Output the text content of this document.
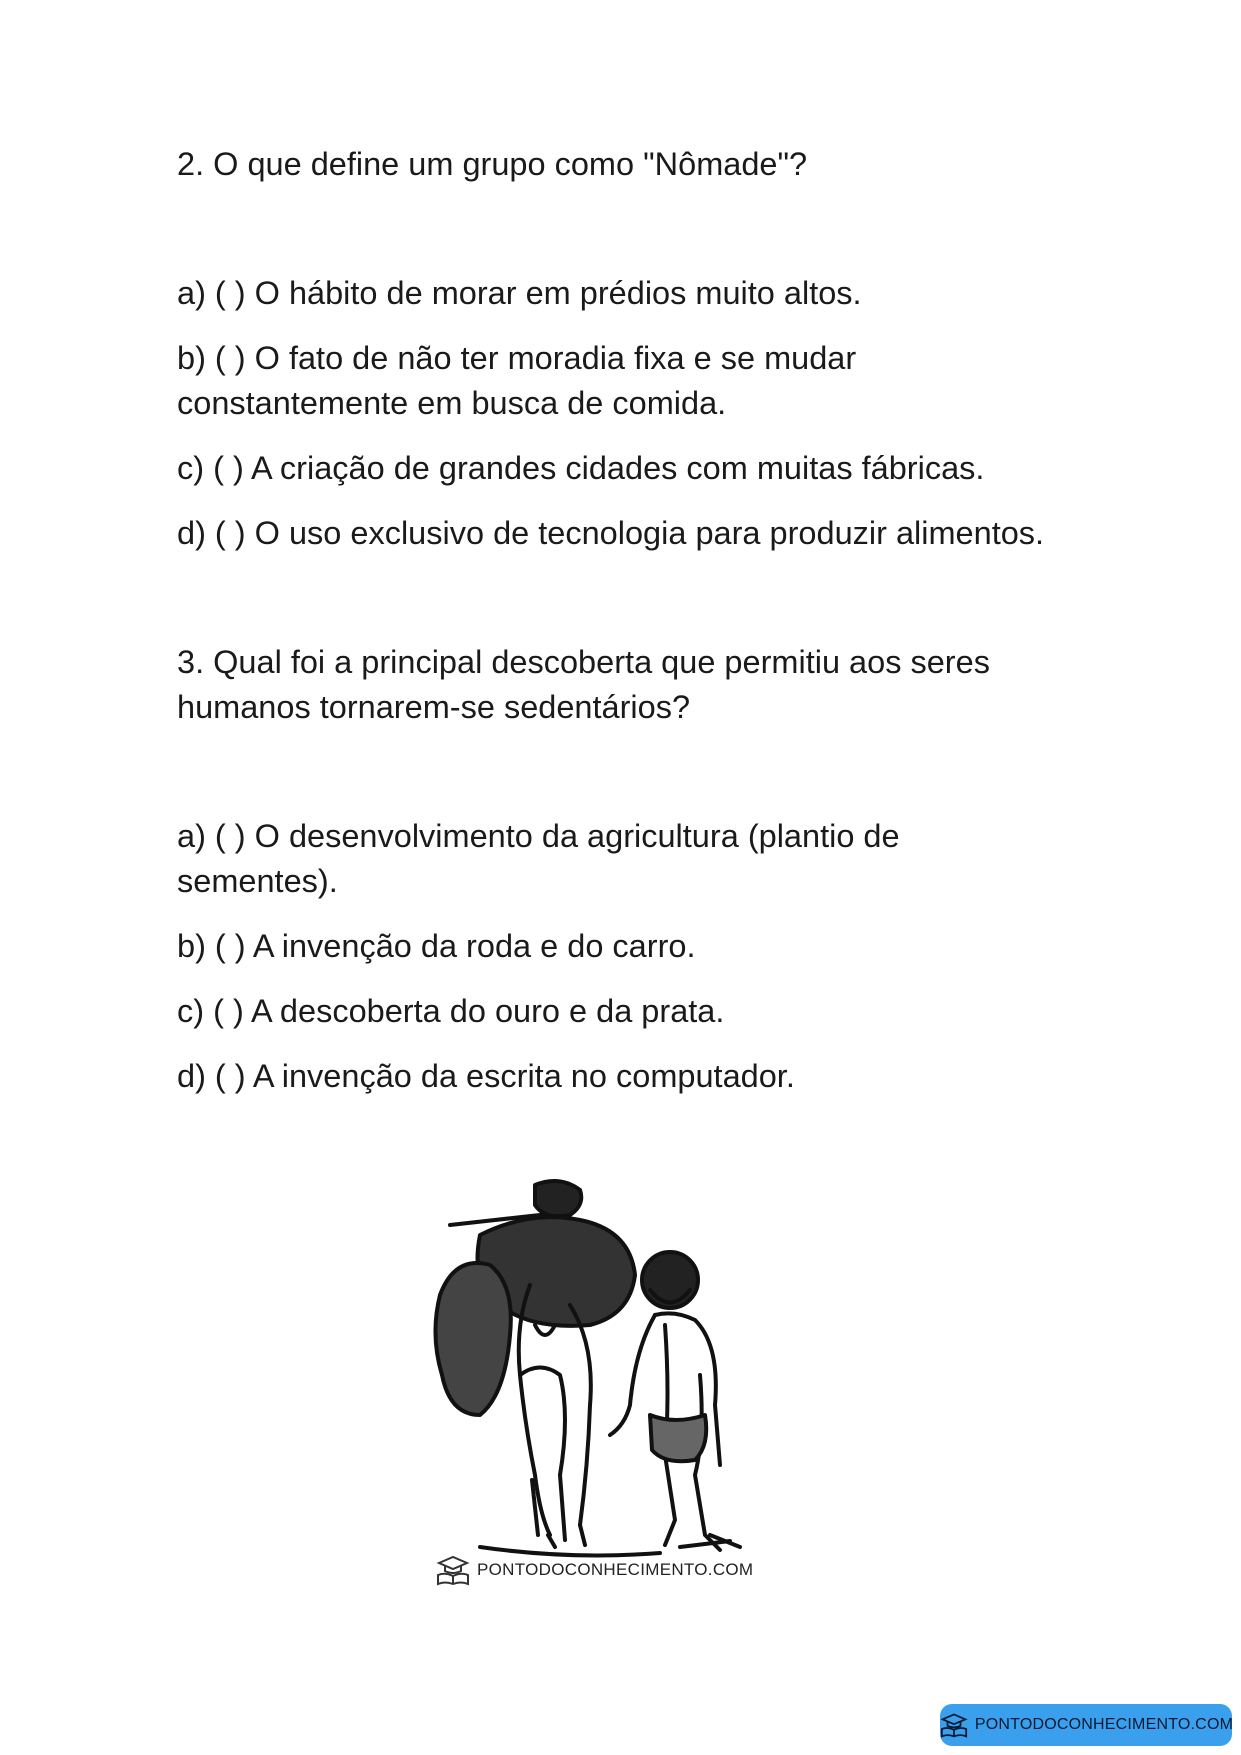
2. O que define um grupo como "Nômade"?

a) ( ) O hábito de morar em prédios muito altos.

b) ( ) O fato de não ter moradia fixa e se mudar constantemente em busca de comida.

c) ( ) A criação de grandes cidades com muitas fábricas.

d) ( ) O uso exclusivo de tecnologia para produzir alimentos.

3. Qual foi a principal descoberta que permitiu aos seres humanos tornarem-se sedentários?

a) ( ) O desenvolvimento da agricultura (plantio de sementes).

b) ( ) A invenção da roda e do carro.

c) ( ) A descoberta do ouro e da prata.

d) ( ) A invenção da escrita no computador.

PONTODOCONHECIMENTO.COM
PONTODOCONHECIMENTO.COM
